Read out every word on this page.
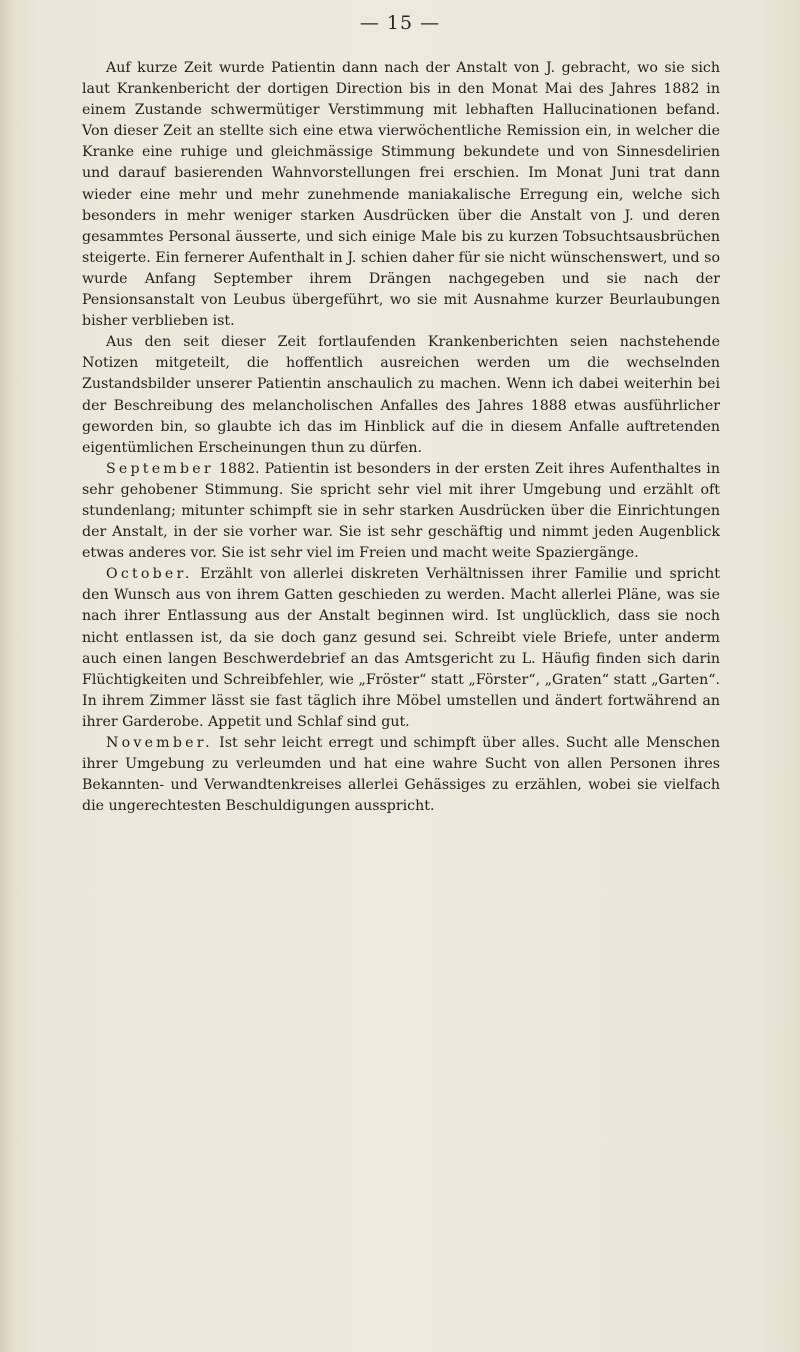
— 15 —

Auf kurze Zeit wurde Patientin dann nach der Anstalt von J. gebracht, wo sie sich laut Krankenbericht der dortigen Direction bis in den Monat Mai des Jahres 1882 in einem Zustande schwermütiger Verstimmung mit lebhaften Hallucinationen befand. Von dieser Zeit an stellte sich eine etwa vierwöchentliche Remission ein, in welcher die Kranke eine ruhige und gleichmässige Stimmung bekundete und von Sinnesdelirien und darauf basierenden Wahnvorstellungen frei erschien. Im Monat Juni trat dann wieder eine mehr und mehr zunehmende maniakalische Erregung ein, welche sich besonders in mehr weniger starken Ausdrücken über die Anstalt von J. und deren gesammtes Personal äusserte, und sich einige Male bis zu kurzen Tobsuchtsausbrüchen steigerte. Ein fernerer Aufenthalt in J. schien daher für sie nicht wünschenswert, und so wurde Anfang September ihrem Drängen nachgegeben und sie nach der Pensionsanstalt von Leubus übergeführt, wo sie mit Ausnahme kurzer Beurlaubungen bisher verblieben ist.

Aus den seit dieser Zeit fortlaufenden Krankenberichten seien nachstehende Notizen mitgeteilt, die hoffentlich ausreichen werden um die wechselnden Zustandsbilder unserer Patientin anschaulich zu machen. Wenn ich dabei weiterhin bei der Beschreibung des melancholischen Anfalles des Jahres 1888 etwas ausführlicher geworden bin, so glaubte ich das im Hinblick auf die in diesem Anfalle auftretenden eigentümlichen Erscheinungen thun zu dürfen.

September 1882. Patientin ist besonders in der ersten Zeit ihres Aufenthaltes in sehr gehobener Stimmung. Sie spricht sehr viel mit ihrer Umgebung und erzählt oft stundenlang; mitunter schimpft sie in sehr starken Ausdrücken über die Einrichtungen der Anstalt, in der sie vorher war. Sie ist sehr geschäftig und nimmt jeden Augenblick etwas anderes vor. Sie ist sehr viel im Freien und macht weite Spaziergänge.

October. Erzählt von allerlei diskreten Verhältnissen ihrer Familie und spricht den Wunsch aus von ihrem Gatten geschieden zu werden. Macht allerlei Pläne, was sie nach ihrer Entlassung aus der Anstalt beginnen wird. Ist unglücklich, dass sie noch nicht entlassen ist, da sie doch ganz gesund sei. Schreibt viele Briefe, unter anderm auch einen langen Beschwerdebrief an das Amtsgericht zu L. Häufig finden sich darin Flüchtigkeiten und Schreibfehler, wie „Fröster“ statt „Förster“, „Graten“ statt „Garten“. In ihrem Zimmer lässt sie fast täglich ihre Möbel umstellen und ändert fortwährend an ihrer Garderobe. Appetit und Schlaf sind gut.

November. Ist sehr leicht erregt und schimpft über alles. Sucht alle Menschen ihrer Umgebung zu verleumden und hat eine wahre Sucht von allen Personen ihres Bekannten- und Verwandtenkreises allerlei Gehässiges zu erzählen, wobei sie vielfach die ungerechtesten Beschuldigungen ausspricht.
